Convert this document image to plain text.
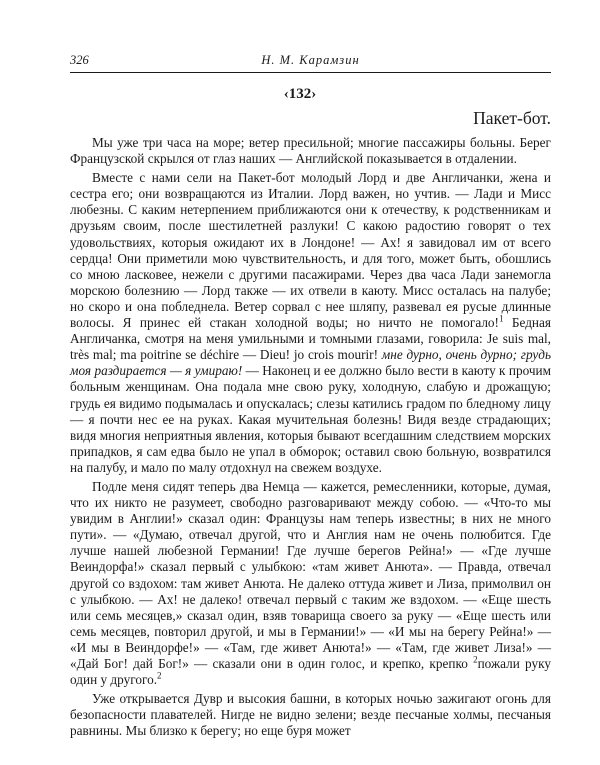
326	Н. М. Карамзин
‹132›
Пакет-бот.

Мы уже три часа на море; ветер пресильной; многие пассажиры больны. Берег Французской скрылся от глаз наших — Английской показывается в отдалении.

Вместе с нами сели на Пакет-бот молодый Лорд и две Англичанки, жена и сестра его; они возвращаются из Италии. Лорд важен, но учтив. — Лади и Мисс любезны. С каким нетерпением приближаются они к отечеству, к родственникам и друзьям своим, после шестилетней разлуки! С какою радостию говорят о тех удовольствиях, которыя ожидают их в Лондоне! — Ах! я завидовал им от всего сердца! Они приметили мою чувствительность, и для того, может быть, обошлись со мною ласковее, нежели с другими пасажирами. Через два часа Лади занемогла морскою болезнию — Лорд также — их отвели в каюту. Мисс осталась на палубе; но скоро и она побледнела. Ветер сорвал с нее шляпу, развевал ея русые длинные волосы. Я принес ей стакан холодной воды; но ничто не помогало!$^1$ Бедная Англичанка, смотря на меня умильными и томными глазами, говорила: Je suis mal, très mal; ma poitrine se déchire — Dieu! jo crois mourir! мне дурно, очень дурно; грудь моя раздирается — я умираю! — Наконец и ее должно было вести в каюту к прочим больным женщинам. Она подала мне свою руку, холодную, слабую и дрожащую; грудь ея видимо подымалась и опускалась; слезы катились градом по бледному лицу — я почти нес ее на руках. Какая мучительная болезнь! Видя везде страдающих; видя многия неприятныя явления, которыя бывают всегдашним следствием морских припадков, я сам едва было не упал в обморок; оставил свою больную, возвратился на палубу, и мало по малу отдохнул на свежем воздухе.

Подле меня сидят теперь два Немца — кажется, ремесленники, которые, думая, что их никто не разумеет, свободно разговаривают между собою. — «Что-то мы увидим в Англии!» сказал один: Французы нам теперь известны; в них не много пути». — «Думаю, отвечал другой, что и Англия нам не очень полюбится. Где лучше нашей любезной Германии! Где лучше берегов Рейна!» — «Где лучше Веиндорфа!» сказал первый с улыбкою: «там живет Анюта». — Правда, отвечал другой со вздохом: там живет Анюта. Не далеко оттуда живет и Лиза, примолвил он с улыбкою. — Ах! не далеко! отвечал первый с таким же вздохом. — «Еще шесть или семь месяцев,» сказал один, взяв товарища своего за руку — «Еще шесть или семь месяцев, повторил другой, и мы в Германии!» — «И мы на берегу Рейна!» — «И мы в Веиндорфе!» — «Там, где живет Анюта!» — «Там, где живет Лиза!» — «Дай Бог! дай Бог!» — сказали они в один голос, и крепко, крепко $^2$пожали руку один у другого.$^2$

Уже открывается Дувр и высокия башни, в которых ночью зажигают огонь для безопасности плавателей. Нигде не видно зелени; везде песчаные холмы, песчаныя равнины. Мы близко к берегу; но еще буря может
